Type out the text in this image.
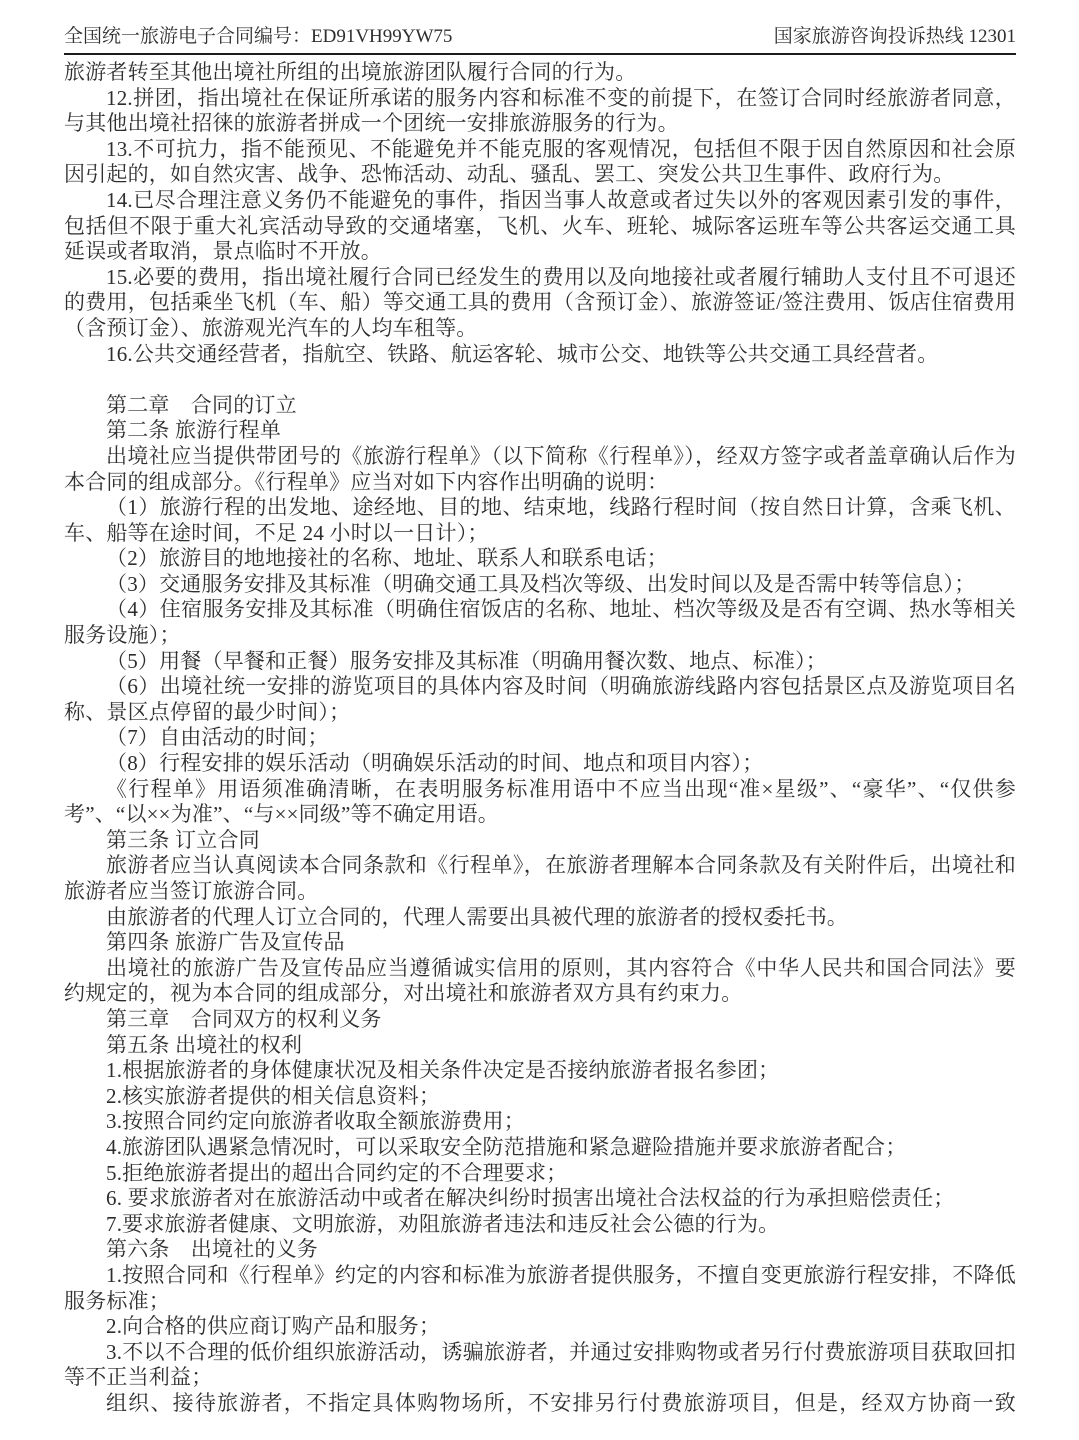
全国统一旅游电子合同编号：ED91VH99YW75	国家旅游咨询投诉热线 12301

旅游者转至其他出境社所组的出境旅游团队履行合同的行为。

12.拼团，指出境社在保证所承诺的服务内容和标准不变的前提下，在签订合同时经旅游者同意，与其他出境社招徕的旅游者拼成一个团统一安排旅游服务的行为。

13.不可抗力，指不能预见、不能避免并不能克服的客观情况，包括但不限于因自然原因和社会原因引起的，如自然灾害、战争、恐怖活动、动乱、骚乱、罢工、突发公共卫生事件、政府行为。

14.已尽合理注意义务仍不能避免的事件，指因当事人故意或者过失以外的客观因素引发的事件，包括但不限于重大礼宾活动导致的交通堵塞，飞机、火车、班轮、城际客运班车等公共客运交通工具延误或者取消，景点临时不开放。

15.必要的费用，指出境社履行合同已经发生的费用以及向地接社或者履行辅助人支付且不可退还的费用，包括乘坐飞机（车、船）等交通工具的费用（含预订金）、旅游签证/签注费用、饭店住宿费用（含预订金）、旅游观光汽车的人均车租等。

16.公共交通经营者，指航空、铁路、航运客轮、城市公交、地铁等公共交通工具经营者。

第二章　合同的订立

第二条 旅游行程单

出境社应当提供带团号的《旅游行程单》（以下简称《行程单》），经双方签字或者盖章确认后作为本合同的组成部分。《行程单》应当对如下内容作出明确的说明：

（1）旅游行程的出发地、途经地、目的地、结束地，线路行程时间（按自然日计算，含乘飞机、车、船等在途时间，不足 24 小时以一日计）；

（2）旅游目的地地接社的名称、地址、联系人和联系电话；

（3）交通服务安排及其标准（明确交通工具及档次等级、出发时间以及是否需中转等信息）；

（4）住宿服务安排及其标准（明确住宿饭店的名称、地址、档次等级及是否有空调、热水等相关服务设施）；

（5）用餐（早餐和正餐）服务安排及其标准（明确用餐次数、地点、标准）；

（6）出境社统一安排的游览项目的具体内容及时间（明确旅游线路内容包括景区点及游览项目名称、景区点停留的最少时间）；

（7）自由活动的时间；

（8）行程安排的娱乐活动（明确娱乐活动的时间、地点和项目内容）；

《行程单》用语须准确清晰，在表明服务标准用语中不应当出现“准×星级”、“豪华”、“仅供参考”、“以××为准”、“与××同级”等不确定用语。

第三条 订立合同

旅游者应当认真阅读本合同条款和《行程单》，在旅游者理解本合同条款及有关附件后，出境社和旅游者应当签订旅游合同。

由旅游者的代理人订立合同的，代理人需要出具被代理的旅游者的授权委托书。

第四条 旅游广告及宣传品

出境社的旅游广告及宣传品应当遵循诚实信用的原则，其内容符合《中华人民共和国合同法》要约规定的，视为本合同的组成部分，对出境社和旅游者双方具有约束力。

第三章　合同双方的权利义务

第五条 出境社的权利

1.根据旅游者的身体健康状况及相关条件决定是否接纳旅游者报名参团；

2.核实旅游者提供的相关信息资料；

3.按照合同约定向旅游者收取全额旅游费用；

4.旅游团队遇紧急情况时，可以采取安全防范措施和紧急避险措施并要求旅游者配合；

5.拒绝旅游者提出的超出合同约定的不合理要求；

6. 要求旅游者对在旅游活动中或者在解决纠纷时损害出境社合法权益的行为承担赔偿责任；

7.要求旅游者健康、文明旅游，劝阻旅游者违法和违反社会公德的行为。

第六条　出境社的义务

1.按照合同和《行程单》约定的内容和标准为旅游者提供服务，不擅自变更旅游行程安排，不降低服务标准；

2.向合格的供应商订购产品和服务；

3.不以不合理的低价组织旅游活动，诱骗旅游者，并通过安排购物或者另行付费旅游项目获取回扣等不正当利益；

组织、接待旅游者，不指定具体购物场所，不安排另行付费旅游项目，但是，经双方协商一致
